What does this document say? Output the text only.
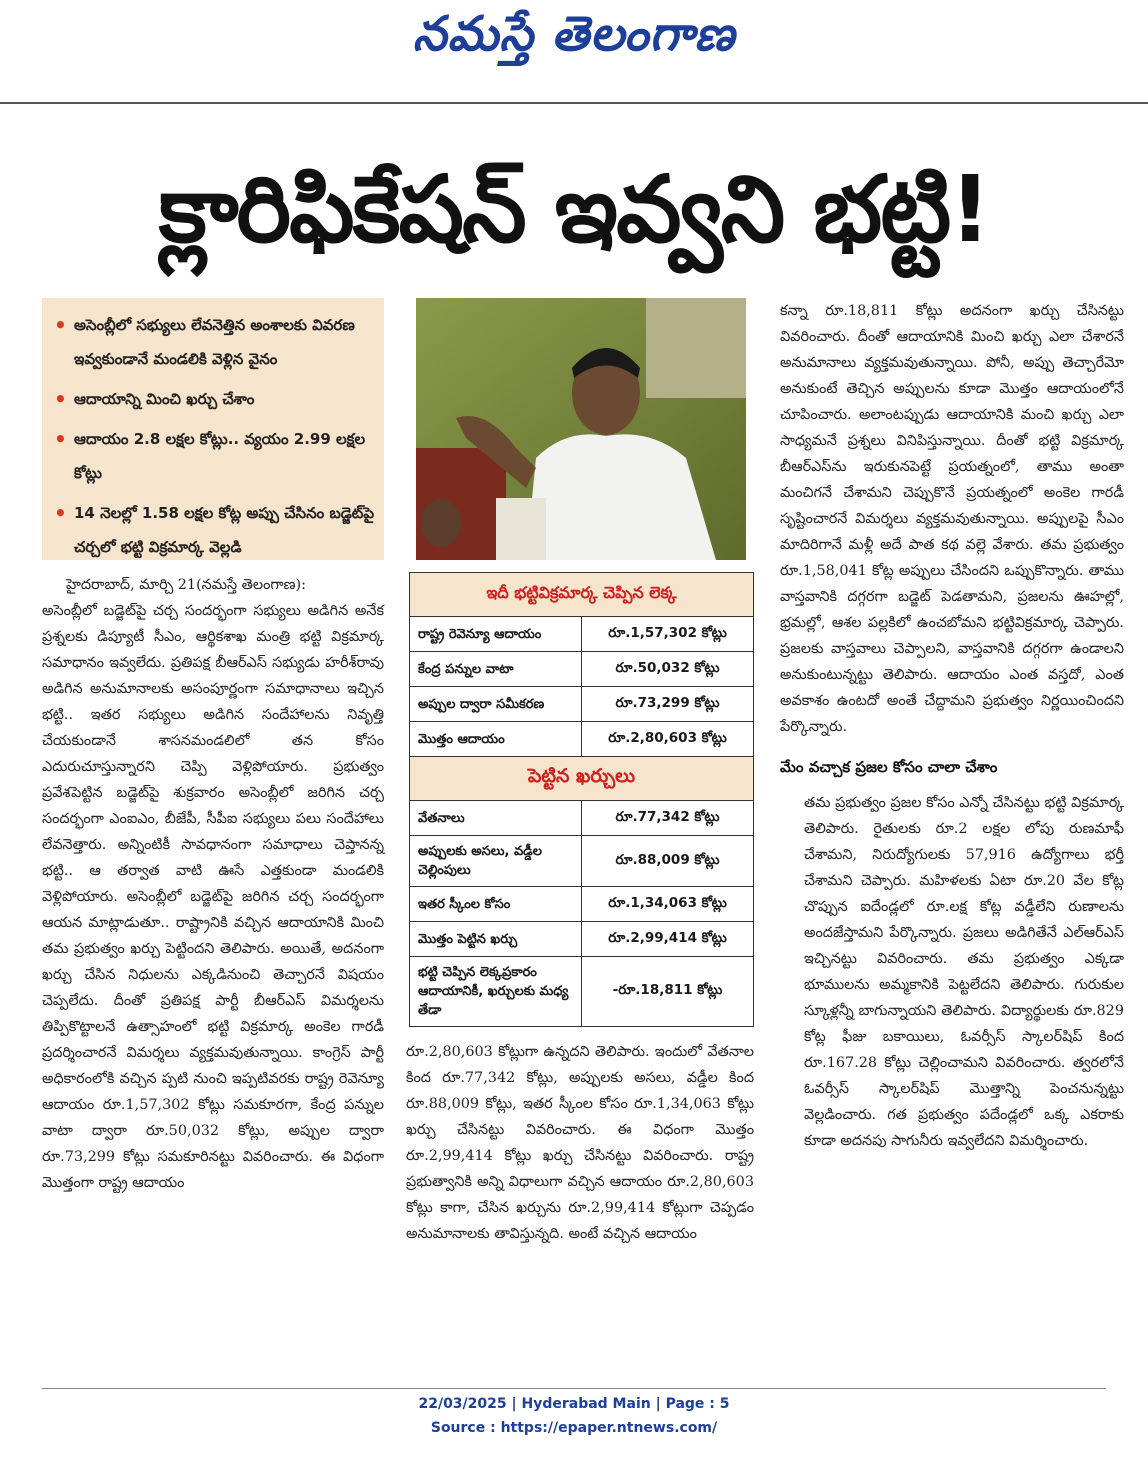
నమస్తే తెలంగాణ
క్లారిఫికేషన్ ఇవ్వని భట్టి!
• అసెంబ్లీలో సభ్యులు లేవనెత్తిన అంశాలకు వివరణ ఇవ్వకుండానే మండలికి వెళ్లిన వైనం
• ఆదాయాన్ని మించి ఖర్చు చేశాం
• ఆదాయం 2.8 లక్షల కోట్లు.. వ్యయం 2.99 లక్షల కోట్లు
• 14 నెలల్లో 1.58 లక్షల కోట్ల అప్పు చేసినం బడ్జెట్‌పై చర్చలో భట్టి విక్రమార్క వెల్లడి

హైదరాబాద్, మార్చి 21(నమస్తే తెలంగాణ):

అసెంబ్లీలో బడ్జెట్‌పై చర్చ సందర్భంగా సభ్యులు అడిగిన అనేక ప్రశ్నలకు డిప్యూటీ సీఎం, ఆర్థికశాఖ మంత్రి భట్టి విక్రమార్క సమాధానం ఇవ్వలేదు. ప్రతిపక్ష బీఆర్‌ఎస్ సభ్యుడు హరీశ్‌రావు అడిగిన అనుమానాలకు అసంపూర్ణంగా సమాధానాలు ఇచ్చిన భట్టి.. ఇతర సభ్యులు అడిగిన సందేహాలను నివృత్తి చేయకుండానే శాసనమండలిలో తన కోసం ఎదురుచూస్తున్నారని చెప్పి వెళ్లిపోయారు. ప్రభుత్వం ప్రవేశపెట్టిన బడ్జెట్‌పై శుక్రవారం అసెంబ్లీలో జరిగిన చర్చ సందర్భంగా ఎంఐఎం, బీజేపీ, సీపీఐ సభ్యులు పలు సందేహాలు లేవనెత్తారు. అన్నింటికీ సావధానంగా సమాధాలు చెప్తానన్న భట్టి.. ఆ తర్వాత వాటి ఊసే ఎత్తకుండా మండలికి వెళ్లిపోయారు. అసెంబ్లీలో బడ్జెట్‌పై జరిగిన చర్చ సందర్భంగా ఆయన మాట్లాడుతూ.. రాష్ట్రానికి వచ్చిన ఆదాయానికి మించి తమ ప్రభుత్వం ఖర్చు పెట్టిందని తెలిపారు. అయితే, అదనంగా ఖర్చు చేసిన నిధులను ఎక్కడినుంచి తెచ్చారనే విషయం చెప్పలేదు. దీంతో ప్రతిపక్ష పార్టీ బీఆర్‌ఎస్ విమర్శలను తిప్పికొట్టాలనే ఉత్సాహంలో భట్టి విక్రమార్క అంకెల గారడీ ప్రదర్శించారనే విమర్శలు వ్యక్తమవుతున్నాయి. కాంగ్రెస్ పార్టీ అధికారంలోకి వచ్చిన ప్పటి నుంచి ఇప్పటివరకు రాష్ట్ర రెవెన్యూ ఆదాయం రూ.1,57,302 కోట్లు సమకూరగా, కేంద్ర పన్నుల వాటా ద్వారా రూ.50,032 కోట్లు, అప్పుల ద్వారా రూ.73,299 కోట్లు సమకూరినట్టు వివరించారు. ఈ విధంగా మొత్తంగా రాష్ట్ర ఆదాయం

ఇదీ భట్టివిక్రమార్క చెప్పిన లెక్క
రాష్ట్ర రెవెన్యూ ఆదాయం	రూ.1,57,302 కోట్లు
కేంద్ర పన్నుల వాటా	రూ.50,032 కోట్లు
అప్పుల ద్వారా సమీకరణ	రూ.73,299 కోట్లు
మొత్తం ఆదాయం	రూ.2,80,603 కోట్లు
పెట్టిన ఖర్చులు
వేతనాలు	రూ.77,342 కోట్లు
అప్పులకు అసలు, వడ్డీల చెల్లింపులు
రూ.88,009 కోట్లు
ఇతర స్కీంల కోసం	రూ.1,34,063 కోట్లు
మొత్తం పెట్టిన ఖర్చు	రూ.2,99,414 కోట్లు
భట్టి చెప్పిన లెక్కప్రకారం ఆదాయానికీ, ఖర్చులకు మధ్య తేడా
-రూ.18,811 కోట్లు

రూ.2,80,603 కోట్లుగా ఉన్నదని తెలిపారు. ఇందులో వేతనాల కింద రూ.77,342 కోట్లు, అప్పులకు అసలు, వడ్డీల కింద రూ.88,009 కోట్లు, ఇతర స్కీంల కోసం రూ.1,34,063 కోట్లు ఖర్చు చేసినట్టు వివరించారు. ఈ విధంగా మొత్తం రూ.2,99,414 కోట్లు ఖర్చు చేసినట్టు వివరించారు. రాష్ట్ర ప్రభుత్వానికి అన్ని విధాలుగా వచ్చిన ఆదాయం రూ.2,80,603 కోట్లు కాగా, చేసిన ఖర్చును రూ.2,99,414 కోట్లుగా చెప్పడం అనుమానాలకు తావిస్తున్నది. అంటే వచ్చిన ఆదాయం

కన్నా రూ.18,811 కోట్లు అదనంగా ఖర్చు చేసినట్టు వివరించారు. దీంతో ఆదాయానికి మించి ఖర్చు ఎలా చేశారనే అనుమానాలు వ్యక్తమవుతున్నాయి. పోనీ, అప్పు తెచ్చారేమో అనుకుంటే తెచ్చిన అప్పులను కూడా మొత్తం ఆదాయంలోనే చూపించారు. అలాంటప్పుడు ఆదాయానికి మంచి ఖర్చు ఎలా సాధ్యమనే ప్రశ్నలు వినిపిస్తున్నాయి. దీంతో భట్టి విక్రమార్క బీఆర్‌ఎస్‌ను ఇరుకునపెట్టే ప్రయత్నంలో, తాము అంతా మంచిగనే చేశామని చెప్పుకొనే ప్రయత్నంలో అంకెల గారడీ సృష్టించారనే విమర్శలు వ్యక్తమవుతున్నాయి. అప్పులపై సీఎం మాదిరిగానే మళ్లీ అదే పాత కథ వల్లె వేశారు. తమ ప్రభుత్వం రూ.1,58,041 కోట్ల అప్పులు చేసిందని ఒప్పుకొన్నారు. తాము వాస్తవానికి దగ్గరగా బడ్జెట్ పెడతామని, ప్రజలను ఊహల్లో, భ్రమల్లో, ఆశల పల్లకిలో ఉంచబోమని భట్టివిక్రమార్క చెప్పారు. ప్రజలకు వాస్తవాలు చెప్పాలని, వాస్తవానికి దగ్గరగా ఉండాలని అనుకుంటున్నట్టు తెలిపారు. ఆదాయం ఎంత వస్తదో, ఎంత అవకాశం ఉంటదో అంతే చేద్దామని ప్రభుత్వం నిర్ణయించిందని పేర్కొన్నారు.

మేం వచ్చాక ప్రజల కోసం చాలా చేశాం

తమ ప్రభుత్వం ప్రజల కోసం ఎన్నో చేసినట్టు భట్టి విక్రమార్క తెలిపారు. రైతులకు రూ.2 లక్షల లోపు రుణమాఫీ చేశామని, నిరుద్యోగులకు 57,916 ఉద్యోగాలు భర్తీ చేశామని చెప్పారు. మహిళలకు ఏటా రూ.20 వేల కోట్ల చొప్పున ఐదేండ్లలో రూ.లక్ష కోట్ల వడ్డీలేని రుణాలను అందజేస్తామని పేర్కొన్నారు. ప్రజలు అడిగితేనే ఎల్‌ఆర్‌ఎస్ ఇచ్చినట్టు వివరించారు. తమ ప్రభుత్వం ఎక్కడా భూములను అమ్మకానికి పెట్టలేదని తెలిపారు. గురుకుల స్కూళ్లన్నీ బాగున్నాయని తెలిపారు. విద్యార్థులకు రూ.829 కోట్ల ఫీజు బకాయిలు, ఓవర్సీస్ స్కాలర్‌షిప్ కింద రూ.167.28 కోట్లు చెల్లించామని వివరించారు. త్వరలోనే ఓవర్సీస్ స్కాలర్‌షిప్ మొత్తాన్ని పెంచనున్నట్టు వెల్లడించారు. గత ప్రభుత్వం పదేండ్లలో ఒక్క ఎకరాకు కూడా అదనపు సాగునీరు ఇవ్వలేదని విమర్శించారు.

22/03/2025 | Hyderabad Main | Page : 5
Source : https://epaper.ntnews.com/
